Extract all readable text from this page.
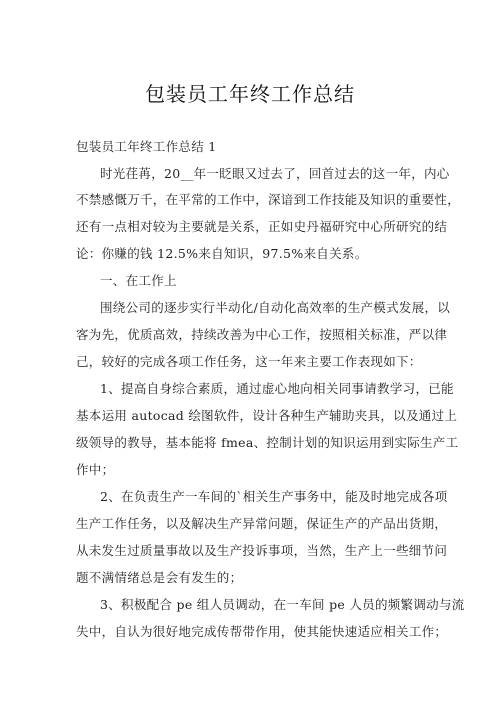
包装员工年终工作总结
包装员工年终工作总结 1
时光荏苒，20__年一眨眼又过去了，回首过去的这一年，内心
不禁感慨万千，在平常的工作中，深谙到工作技能及知识的重要性，
还有一点相对较为主要就是关系，正如史丹福研究中心所研究的结
论：你赚的钱 12.5%来自知识，97.5%来自关系。
一、在工作上
围绕公司的逐步实行半动化/自动化高效率的生产模式发展，以
客为先，优质高效，持续改善为中心工作，按照相关标准，严以律
己，较好的完成各项工作任务，这一年来主要工作表现如下：
1、提高自身综合素质，通过虚心地向相关同事请教学习，已能
基本运用 autocad 绘图软件，设计各种生产辅助夹具，以及通过上
级领导的教导，基本能将 fmea、控制计划的知识运用到实际生产工
作中；
2、在负责生产一车间的`相关生产事务中，能及时地完成各项
生产工作任务，以及解决生产异常问题，保证生产的产品出货期，
从未发生过质量事故以及生产投诉事项，当然，生产上一些细节问
题不满情绪总是会有发生的；
3、积极配合 pe 组人员调动，在一车间 pe 人员的频繁调动与流
失中，自认为很好地完成传帮带作用，使其能快速适应相关工作；
